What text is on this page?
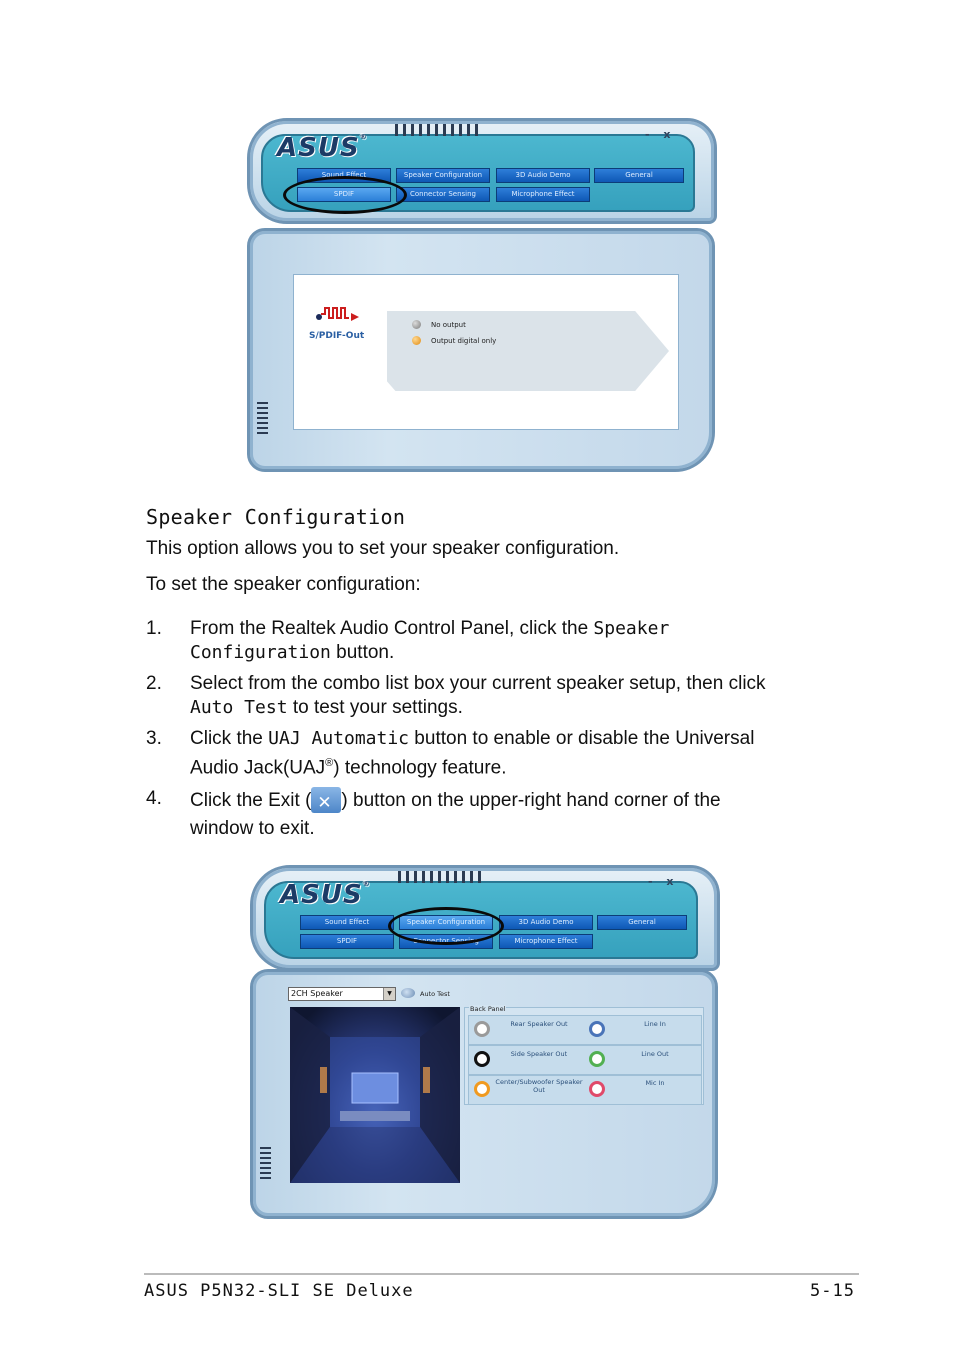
ASUS ®	- x
Sound Effect	Speaker Configuration	3D Audio Demo	General
SPDIF	Connector Sensing	Microphone Effect
S/PDIF-Out
No output
Output digital only
Speaker Configuration
This option allows you to set your speaker configuration.
To set the speaker configuration:
1. From the Realtek Audio Control Panel, click the Speaker
Configuration button.
2. Select from the combo list box your current speaker setup, then click
Auto Test to test your settings.
3. Click the UAJ Automatic button to enable or disable the Universal
Audio Jack(UAJ®) technology feature.
4. Click the Exit (✕ ) button on the upper-right hand corner of the
window to exit.
ASUS ®	- x
Sound Effect	Speaker Configuration	3D Audio Demo	General
SPDIF	Connector Sensing	Microphone Effect
2CH Speaker	▼	Auto Test
Back Panel
Rear Speaker Out
Side Speaker Out
Center/Subwoofer Speaker Out
Line In
Line Out
Mic In
ASUS P5N32-SLI SE Deluxe	5-15
